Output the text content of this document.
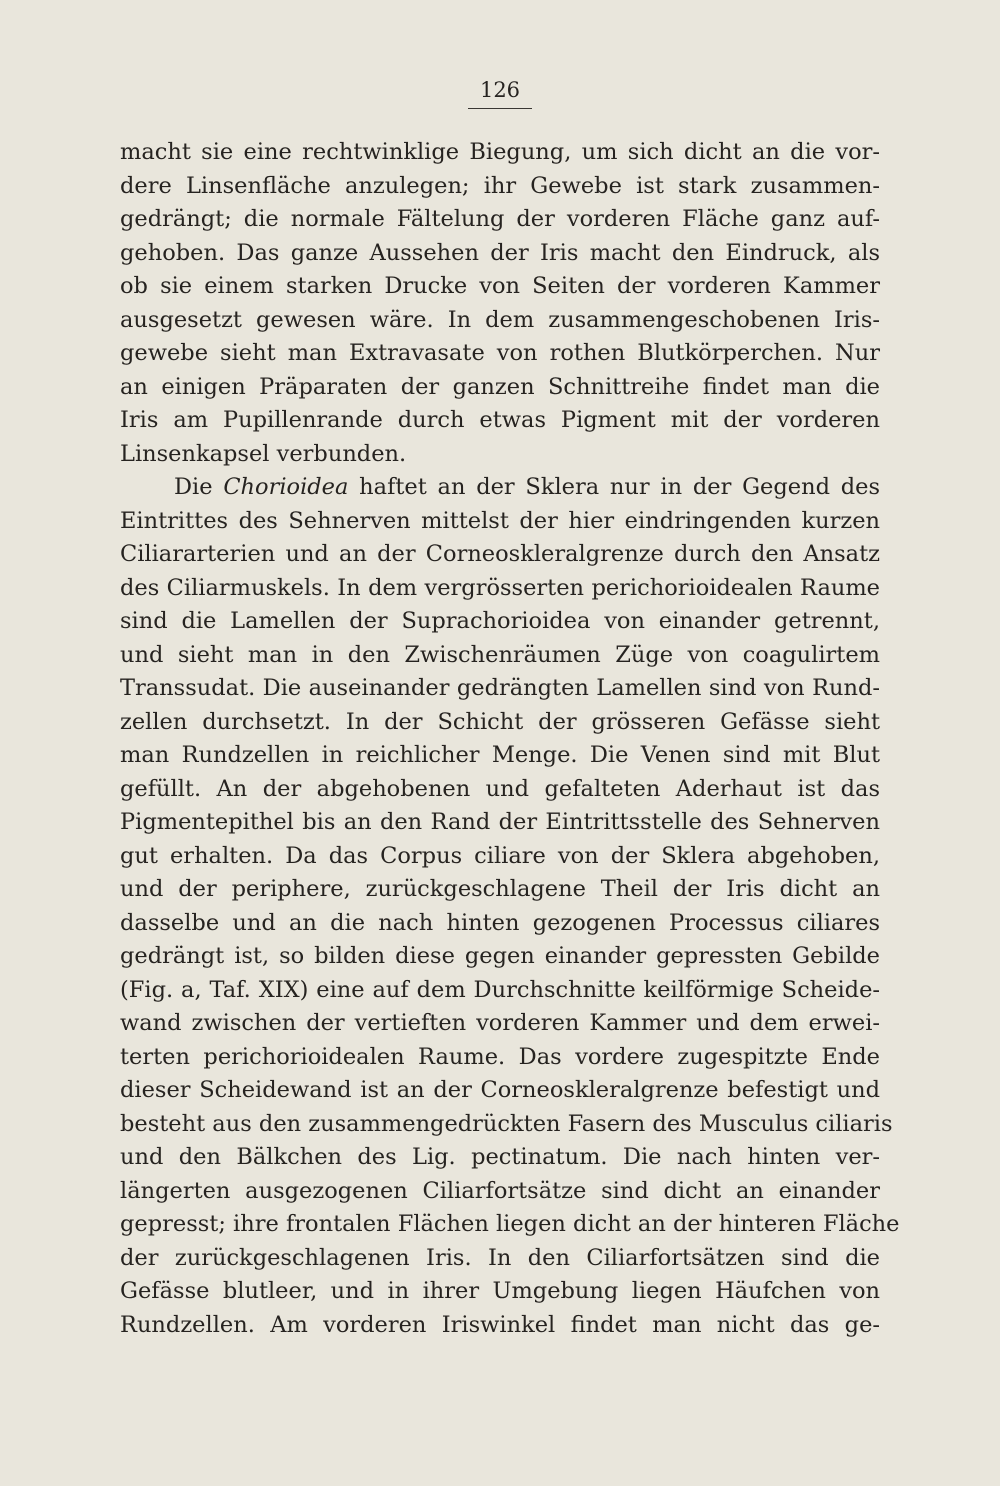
126
macht sie eine rechtwinklige Biegung, um sich dicht an die vor-
dere Linsenfläche anzulegen; ihr Gewebe ist stark zusammen-
gedrängt; die normale Fältelung der vorderen Fläche ganz auf-
gehoben. Das ganze Aussehen der Iris macht den Eindruck, als
ob sie einem starken Drucke von Seiten der vorderen Kammer
ausgesetzt gewesen wäre. In dem zusammengeschobenen Iris-
gewebe sieht man Extravasate von rothen Blutkörperchen. Nur
an einigen Präparaten der ganzen Schnittreihe findet man die
Iris am Pupillenrande durch etwas Pigment mit der vorderen
Linsenkapsel verbunden.
Die Chorioidea haftet an der Sklera nur in der Gegend des
Eintrittes des Sehnerven mittelst der hier eindringenden kurzen
Ciliararterien und an der Corneoskleralgrenze durch den Ansatz
des Ciliarmuskels. In dem vergrösserten perichorioidealen Raume
sind die Lamellen der Suprachorioidea von einander getrennt,
und sieht man in den Zwischenräumen Züge von coagulirtem
Transsudat. Die auseinander gedrängten Lamellen sind von Rund-
zellen durchsetzt. In der Schicht der grösseren Gefässe sieht
man Rundzellen in reichlicher Menge. Die Venen sind mit Blut
gefüllt. An der abgehobenen und gefalteten Aderhaut ist das
Pigmentepithel bis an den Rand der Eintrittsstelle des Sehnerven
gut erhalten. Da das Corpus ciliare von der Sklera abgehoben,
und der periphere, zurückgeschlagene Theil der Iris dicht an
dasselbe und an die nach hinten gezogenen Processus ciliares
gedrängt ist, so bilden diese gegen einander gepressten Gebilde
(Fig. a, Taf. XIX) eine auf dem Durchschnitte keilförmige Scheide-
wand zwischen der vertieften vorderen Kammer und dem erwei-
terten perichorioidealen Raume. Das vordere zugespitzte Ende
dieser Scheidewand ist an der Corneoskleralgrenze befestigt und
besteht aus den zusammengedrückten Fasern des Musculus ciliaris
und den Bälkchen des Lig. pectinatum. Die nach hinten ver-
längerten ausgezogenen Ciliarfortsätze sind dicht an einander
gepresst; ihre frontalen Flächen liegen dicht an der hinteren Fläche
der zurückgeschlagenen Iris. In den Ciliarfortsätzen sind die
Gefässe blutleer, und in ihrer Umgebung liegen Häufchen von
Rundzellen. Am vorderen Iriswinkel findet man nicht das ge-
